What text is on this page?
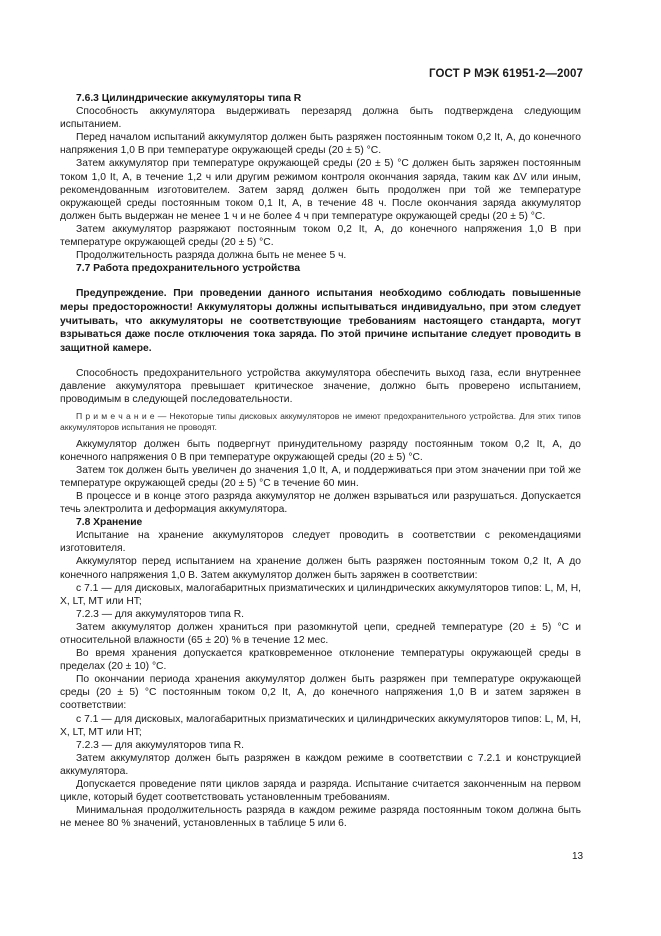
ГОСТ Р МЭК 61951-2—2007

7.6.3 Цилиндрические аккумуляторы типа R

Способность аккумулятора выдерживать перезаряд должна быть подтверждена следующим испытанием.

Перед началом испытаний аккумулятор должен быть разряжен постоянным током 0,2 It, А, до конечного напряжения 1,0 В при температуре окружающей среды (20 ± 5) °С.

Затем аккумулятор при температуре окружающей среды (20 ± 5) °С должен быть заряжен постоянным током 1,0 It, А, в течение 1,2 ч или другим режимом контроля окончания заряда, таким как ΔV или иным, рекомендованным изготовителем. Затем заряд должен быть продолжен при той же температуре окружающей среды постоянным током 0,1 It, А, в течение 48 ч. После окончания заряда аккумулятор должен быть выдержан не менее 1 ч и не более 4 ч при температуре окружающей среды (20 ± 5) °С.

Затем аккумулятор разряжают постоянным током 0,2 It, А, до конечного напряжения 1,0 В при температуре окружающей среды (20 ± 5) °С.

Продолжительность разряда должна быть не менее 5 ч.

7.7 Работа предохранительного устройства

Предупреждение. При проведении данного испытания необходимо соблюдать повышенные меры предосторожности! Аккумуляторы должны испытываться индивидуально, при этом следует учитывать, что аккумуляторы не соответствующие требованиям настоящего стандарта, могут взрываться даже после отключения тока заряда. По этой причине испытание следует проводить в защитной камере.

Способность предохранительного устройства аккумулятора обеспечить выход газа, если внутреннее давление аккумулятора превышает критическое значение, должно быть проверено испытанием, проводимым в следующей последовательности.

П р и м е ч а н и е — Некоторые типы дисковых аккумуляторов не имеют предохранительного устройства. Для этих типов аккумуляторов испытания не проводят.

Аккумулятор должен быть подвергнут принудительному разряду постоянным током 0,2 It, А, до конечного напряжения 0 В при температуре окружающей среды (20 ± 5) °С.

Затем ток должен быть увеличен до значения 1,0 It, А, и поддерживаться при этом значении при той же температуре окружающей среды (20 ± 5) °С в течение 60 мин.

В процессе и в конце этого разряда аккумулятор не должен взрываться или разрушаться. Допускается течь электролита и деформация аккумулятора.

7.8 Хранение

Испытание на хранение аккумуляторов следует проводить в соответствии с рекомендациями изготовителя.

Аккумулятор перед испытанием на хранение должен быть разряжен постоянным током 0,2 It, А до конечного напряжения 1,0 В. Затем аккумулятор должен быть заряжен в соответствии:

с 7.1 — для дисковых, малогабаритных призматических и цилиндрических аккумуляторов типов: L, M, H, X, LT, MT или HT;

7.2.3 — для аккумуляторов типа R.

Затем аккумулятор должен храниться при разомкнутой цепи, средней температуре (20 ± 5) °С и относительной влажности (65 ± 20) % в течение 12 мес.

Во время хранения допускается кратковременное отклонение температуры окружающей среды в пределах (20 ± 10) °С.

По окончании периода хранения аккумулятор должен быть разряжен при температуре окружающей среды (20 ± 5) °С постоянным током 0,2 It, А, до конечного напряжения 1,0 В и затем заряжен в соответствии:

с 7.1 — для дисковых, малогабаритных призматических и цилиндрических аккумуляторов типов: L, M, H, X, LT, MT или HT;

7.2.3 — для аккумуляторов типа R.

Затем аккумулятор должен быть разряжен в каждом режиме в соответствии с 7.2.1 и конструкцией аккумулятора.

Допускается проведение пяти циклов заряда и разряда. Испытание считается законченным на первом цикле, который будет соответствовать установленным требованиям.

Минимальная продолжительность разряда в каждом режиме разряда постоянным током должна быть не менее 80 % значений, установленных в таблице 5 или 6.

13
